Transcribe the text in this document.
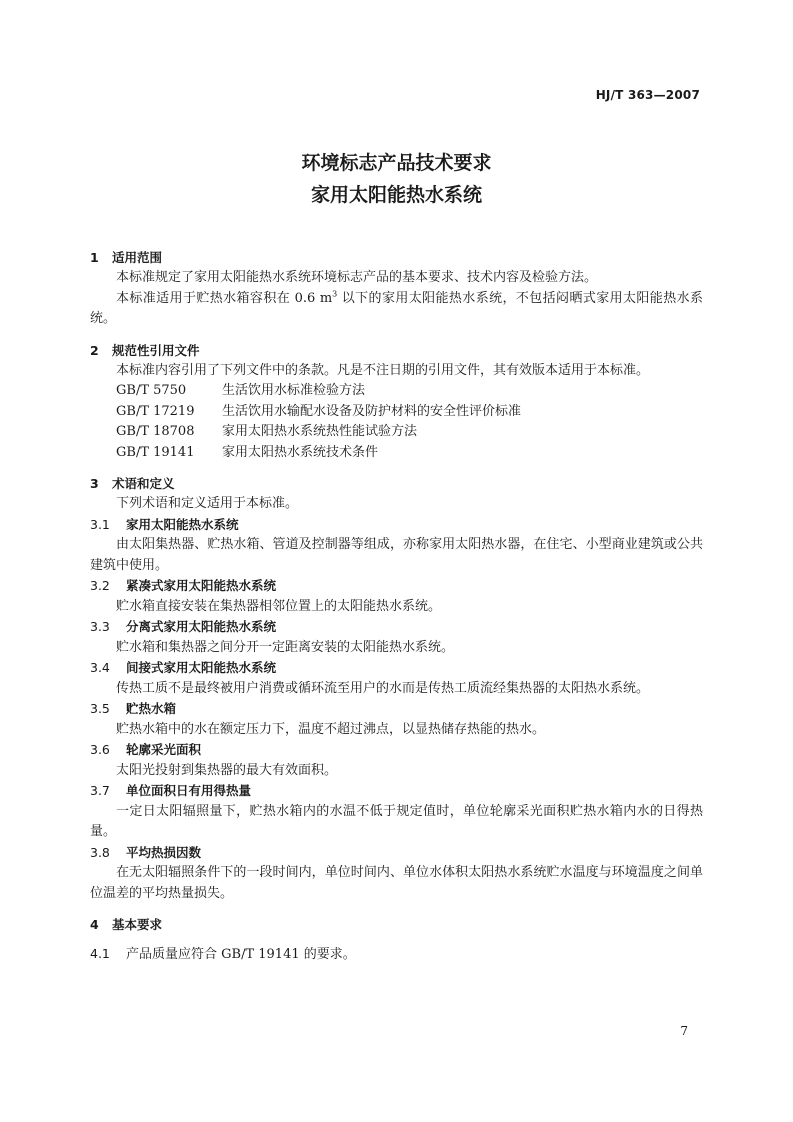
HJ/T 363—2007
环境标志产品技术要求
家用太阳能热水系统
1 适用范围
本标准规定了家用太阳能热水系统环境标志产品的基本要求、技术内容及检验方法。
本标准适用于贮热水箱容积在 0.6 $m^3$ 以下的家用太阳能热水系统，不包括闷晒式家用太阳能热水系统。
2 规范性引用文件
本标准内容引用了下列文件中的条款。凡是不注日期的引用文件，其有效版本适用于本标准。
GB/T 5750	生活饮用水标准检验方法
GB/T 17219	生活饮用水输配水设备及防护材料的安全性评价标准
GB/T 18708	家用太阳热水系统热性能试验方法
GB/T 19141	家用太阳热水系统技术条件
3 术语和定义
下列术语和定义适用于本标准。
3.1 家用太阳能热水系统
由太阳集热器、贮热水箱、管道及控制器等组成，亦称家用太阳热水器，在住宅、小型商业建筑或公共建筑中使用。
3.2 紧凑式家用太阳能热水系统
贮水箱直接安装在集热器相邻位置上的太阳能热水系统。
3.3 分离式家用太阳能热水系统
贮水箱和集热器之间分开一定距离安装的太阳能热水系统。
3.4 间接式家用太阳能热水系统
传热工质不是最终被用户消费或循环流至用户的水而是传热工质流经集热器的太阳热水系统。
3.5 贮热水箱
贮热水箱中的水在额定压力下，温度不超过沸点，以显热储存热能的热水。
3.6 轮廓采光面积
太阳光投射到集热器的最大有效面积。
3.7 单位面积日有用得热量
一定日太阳辐照量下，贮热水箱内的水温不低于规定值时，单位轮廓采光面积贮热水箱内水的日得热量。
3.8 平均热损因数
在无太阳辐照条件下的一段时间内，单位时间内、单位水体积太阳热水系统贮水温度与环境温度之间单位温差的平均热量损失。
4 基本要求
4.1 产品质量应符合 GB/T 19141 的要求。
7
